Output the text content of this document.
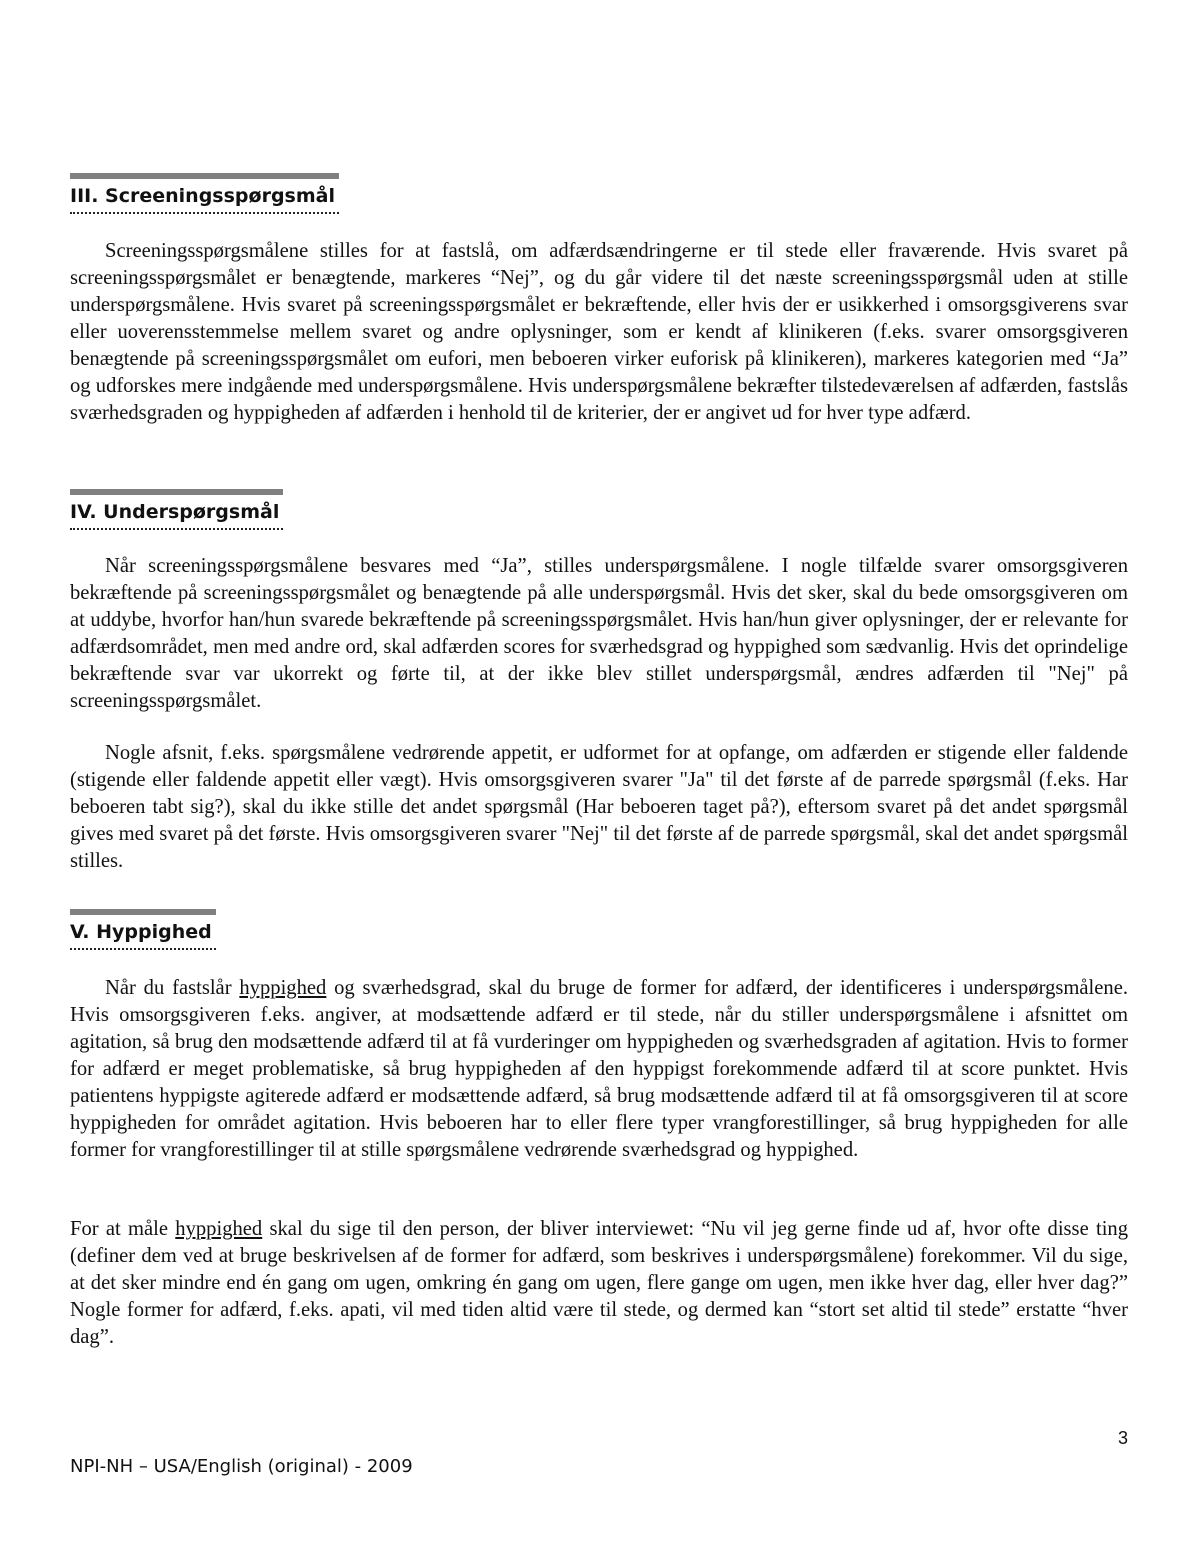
III. Screeningsspørgsmål

Screeningsspørgsmålene stilles for at fastslå, om adfærdsændringerne er til stede eller fraværende. Hvis svaret på screeningsspørgsmålet er benægtende, markeres “Nej”, og du går videre til det næste screeningsspørgsmål uden at stille underspørgsmålene. Hvis svaret på screeningsspørgsmålet er bekræftende, eller hvis der er usikkerhed i omsorgsgiverens svar eller uoverensstemmelse mellem svaret og andre oplysninger, som er kendt af klinikeren (f.eks. svarer omsorgsgiveren benægtende på screeningsspørgsmålet om eufori, men beboeren virker euforisk på klinikeren), markeres kategorien med “Ja” og udforskes mere indgående med underspørgsmålene. Hvis underspørgsmålene bekræfter tilstedeværelsen af adfærden, fastslås sværhedsgraden og hyppigheden af adfærden i henhold til de kriterier, der er angivet ud for hver type adfærd.

IV. Underspørgsmål

Når screeningsspørgsmålene besvares med “Ja”, stilles underspørgsmålene. I nogle tilfælde svarer omsorgsgiveren bekræftende på screeningsspørgsmålet og benægtende på alle underspørgsmål. Hvis det sker, skal du bede omsorgsgiveren om at uddybe, hvorfor han/hun svarede bekræftende på screeningsspørgsmålet. Hvis han/hun giver oplysninger, der er relevante for adfærdsområdet, men med andre ord, skal adfærden scores for sværhedsgrad og hyppighed som sædvanlig. Hvis det oprindelige bekræftende svar var ukorrekt og førte til, at der ikke blev stillet underspørgsmål, ændres adfærden til "Nej" på screeningsspørgsmålet.

Nogle afsnit, f.eks. spørgsmålene vedrørende appetit, er udformet for at opfange, om adfærden er stigende eller faldende (stigende eller faldende appetit eller vægt). Hvis omsorgsgiveren svarer "Ja" til det første af de parrede spørgsmål (f.eks. Har beboeren tabt sig?), skal du ikke stille det andet spørgsmål (Har beboeren taget på?), eftersom svaret på det andet spørgsmål gives med svaret på det første. Hvis omsorgsgiveren svarer "Nej" til det første af de parrede spørgsmål, skal det andet spørgsmål stilles.

V. Hyppighed

Når du fastslår hyppighed og sværhedsgrad, skal du bruge de former for adfærd, der identificeres i underspørgsmålene. Hvis omsorgsgiveren f.eks. angiver, at modsættende adfærd er til stede, når du stiller underspørgsmålene i afsnittet om agitation, så brug den modsættende adfærd til at få vurderinger om hyppigheden og sværhedsgraden af agitation. Hvis to former for adfærd er meget problematiske, så brug hyppigheden af den hyppigst forekommende adfærd til at score punktet. Hvis patientens hyppigste agiterede adfærd er modsættende adfærd, så brug modsættende adfærd til at få omsorgsgiveren til at score hyppigheden for området agitation. Hvis beboeren har to eller flere typer vrangforestillinger, så brug hyppigheden for alle former for vrangforestillinger til at stille spørgsmålene vedrørende sværhedsgrad og hyppighed.

For at måle hyppighed skal du sige til den person, der bliver interviewet: “Nu vil jeg gerne finde ud af, hvor ofte disse ting (definer dem ved at bruge beskrivelsen af de former for adfærd, som beskrives i underspørgsmålene) forekommer. Vil du sige, at det sker mindre end én gang om ugen, omkring én gang om ugen, flere gange om ugen, men ikke hver dag, eller hver dag?” Nogle former for adfærd, f.eks. apati, vil med tiden altid være til stede, og dermed kan “stort set altid til stede” erstatte “hver dag”.

3
NPI-NH – USA/English (original) - 2009
